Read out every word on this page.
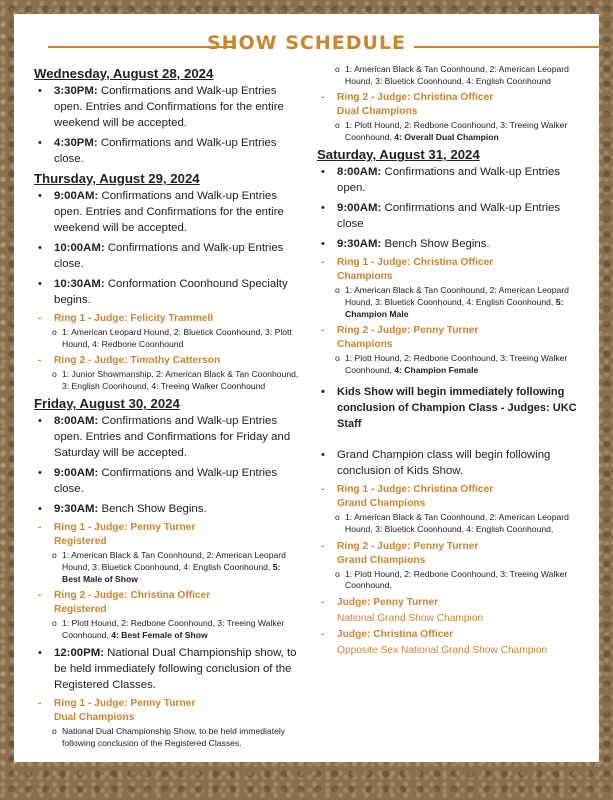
SHOW SCHEDULE
Wednesday, August 28, 2024
• 3:30PM: Confirmations and Walk-up Entries open. Entries and Confirmations for the entire weekend will be accepted.
• 4:30PM: Confirmations and Walk-up Entries close.
Thursday, August 29, 2024
• 9:00AM: Confirmations and Walk-up Entries open. Entries and Confirmations for the entire weekend will be accepted.
• 10:00AM: Confirmations and Walk-up Entries close.
• 10:30AM: Conformation Coonhound Specialty begins.
- Ring 1 - Judge: Felicity Trammell
o 1: American Leopard Hound, 2: Bluetick Coonhound, 3: Plott Hound, 4: Redbone Coonhound
- Ring 2 - Judge: Timothy Catterson
o 1: Junior Showmanship, 2: American Black & Tan Coonhound, 3: English Coonhound, 4: Treeing Walker Coonhound
Friday, August 30, 2024
• 8:00AM: Confirmations and Walk-up Entries open. Entries and Confirmations for Friday and Saturday will be accepted.
• 9:00AM: Confirmations and Walk-up Entries close.
• 9:30AM: Bench Show Begins.
- Ring 1 - Judge: Penny Turner
Registered
o 1: American Black & Tan Coonhound, 2: American Leopard Hound, 3: Bluetick Coonhound, 4: English Coonhound, 5: Best Male of Show
- Ring 2 - Judge: Christina Officer
Registered
o 1: Plott Hound, 2: Redbone Coonhound, 3: Treeing Walker Coonhound, 4: Best Female of Show
• 12:00PM: National Dual Championship show, to be held immediately following conclusion of the Registered Classes.
- Ring 1 - Judge: Penny Turner
Dual Champions
o National Dual Championship Show, to be held immediately following conclusion of the Registered Classes.
o 1: American Black & Tan Coonhound, 2: American Leopard Hound, 3: Bluetick Coonhound, 4: English Coonhound
- Ring 2 - Judge: Christina Officer
Dual Champions
o 1: Plott Hound, 2: Redbone Coonhound, 3: Treeing Walker Coonhound, 4: Overall Dual Champion
Saturday, August 31, 2024
• 8:00AM: Confirmations and Walk-up Entries open.
• 9:00AM: Confirmations and Walk-up Entries close
• 9:30AM: Bench Show Begins.
- Ring 1 - Judge: Christina Officer
Champions
o 1: American Black & Tan Coonhound, 2: American Leopard Hound, 3: Bluetick Coonhound, 4: English Coonhound, 5: Champion Male
- Ring 2 - Judge: Penny Turner
Champions
o 1: Plott Hound, 2: Redbone Coonhound, 3: Treeing Walker Coonhound, 4: Champion Female
• Kids Show will begin immediately following conclusion of Champion Class - Judges: UKC Staff
• Grand Champion class will begin following conclusion of Kids Show.
- Ring 1 - Judge: Christina Officer
Grand Champions
o 1: American Black & Tan Coonhound, 2: American Leopard Hound, 3: Bluetick Coonhound, 4: English Coonhound,
- Ring 2 - Judge: Penny Turner
Grand Champions
o 1: Plott Hound, 2: Redbone Coonhound, 3: Treeing Walker Coonhound,
- Judge: Penny Turner
National Grand Show Champion
- Judge: Christina Officer
Opposite Sex National Grand Show Champion
